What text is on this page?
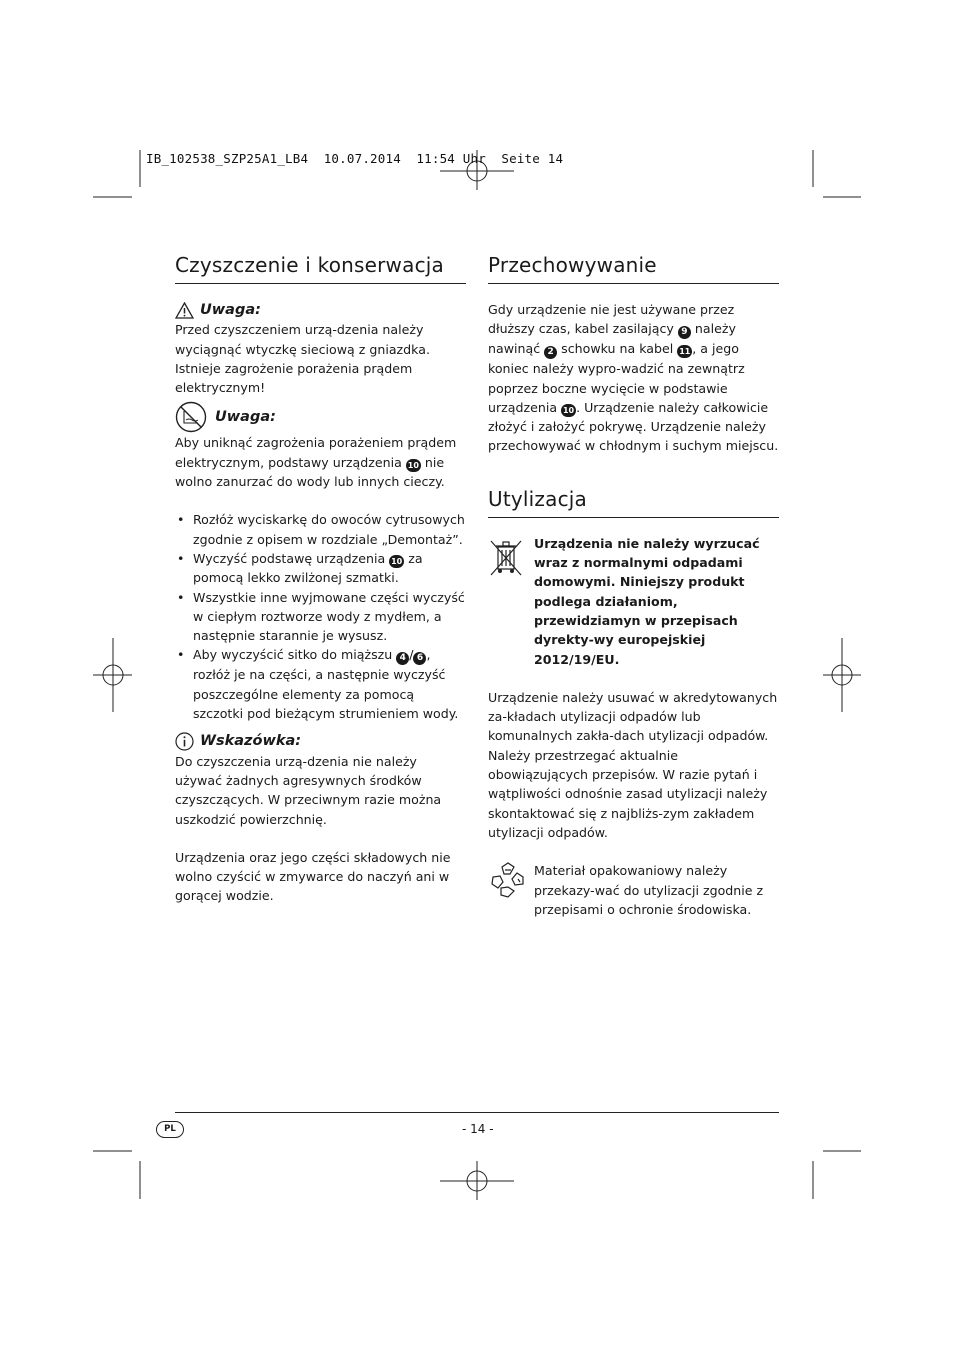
IB_102538_SZP25A1_LB4  10.07.2014  11:54 Uhr  Seite 14
Czyszczenie i konserwacja
Uwaga:

Przed czyszczeniem urzą-dzenia należy wyciągnąć wtyczkę sieciową z gniazdka. Istnieje zagrożenie porażenia prądem elektrycznym!

Uwaga:

Aby uniknąć zagrożenia porażeniem prądem elektrycznym, podstawy urządzenia 10 nie wolno zanurzać do wody lub innych cieczy.

• Rozłóż wyciskarkę do owoców cytrusowych zgodnie z opisem w rozdziale „Demontaż”.
• Wyczyść podstawę urządzenia 10 za pomocą lekko zwilżonej szmatki.
• Wszystkie inne wyjmowane części wyczyść w ciepłym roztworze wody z mydłem, a następnie starannie je wysusz.
• Aby wyczyścić sitko do miąższu 4 / 6 , rozłóż je na części, a następnie wyczyść poszczególne elementy za pomocą szczotki pod bieżącym strumieniem wody.
Wskazówka:

Do czyszczenia urzą-dzenia nie należy używać żadnych agresywnych środków czyszczących. W przeciwnym razie można uszkodzić powierzchnię.

Urządzenia oraz jego części składowych nie wolno czyścić w zmywarce do naczyń ani w gorącej wodzie.

Przechowywanie

Gdy urządzenie nie jest używane przez dłuższy czas, kabel zasilający 9 należy nawinąć 2 schowku na kabel 11 , a jego koniec należy wypro-wadzić na zewnątrz poprzez boczne wycięcie w podstawie urządzenia 10 . Urządzenie należy całkowicie złożyć i założyć pokrywę. Urządzenie należy przechowywać w chłodnym i suchym miejscu.

Utylizacja

Urządzenia nie należy wyrzucać wraz z normalnymi odpadami domowymi. Niniejszy produkt podlega działaniom, przewidziamyn w przepisach dyrekty-wy europejskiej 2012/19/EU.

Urządzenie należy usuwać w akredytowanych za-kładach utylizacji odpadów lub komunalnych zakła-dach utylizacji odpadów.

Należy przestrzegać aktualnie obowiązujących przepisów. W razie pytań i wątpliwości odnośnie zasad utylizacji należy skontaktować się z najbliżs-zym zakładem utylizacji odpadów.

Materiał opakowaniowy należy przekazy-wać do utylizacji zgodnie z przepisami o ochronie środowiska.

PL	- 14 -
